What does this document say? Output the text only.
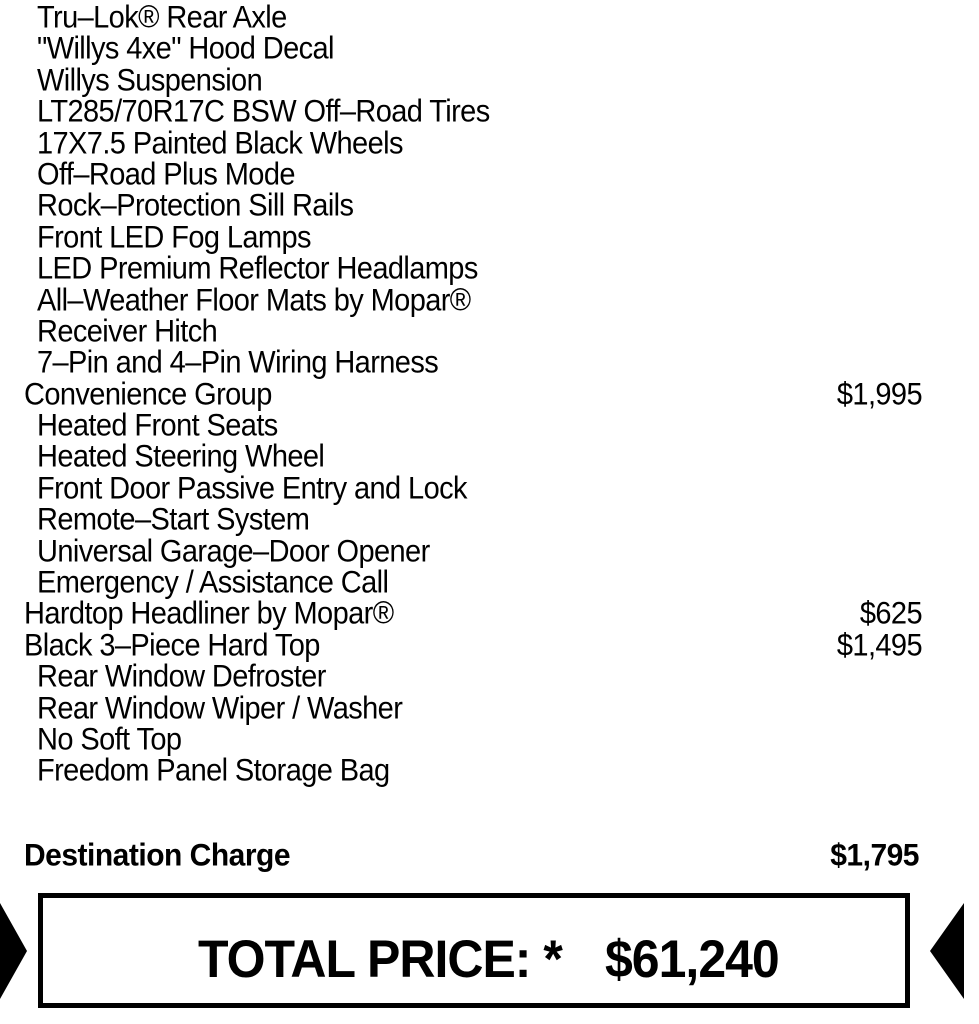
Tru–Lok® Rear Axle
"Willys 4xe" Hood Decal
Willys Suspension
LT285/70R17C BSW Off–Road Tires
17X7.5 Painted Black Wheels
Off–Road Plus Mode
Rock–Protection Sill Rails
Front LED Fog Lamps
LED Premium Reflector Headlamps
All–Weather Floor Mats by Mopar®
Receiver Hitch
7–Pin and 4–Pin Wiring Harness
Convenience Group	$1,995
Heated Front Seats
Heated Steering Wheel
Front Door Passive Entry and Lock
Remote–Start System
Universal Garage–Door Opener
Emergency / Assistance Call
Hardtop Headliner by Mopar®	$625
Black 3–Piece Hard Top	$1,495
Rear Window Defroster
Rear Window Wiper / Washer
No Soft Top
Freedom Panel Storage Bag
Destination Charge	$1,795
TOTAL PRICE: * $61,240
